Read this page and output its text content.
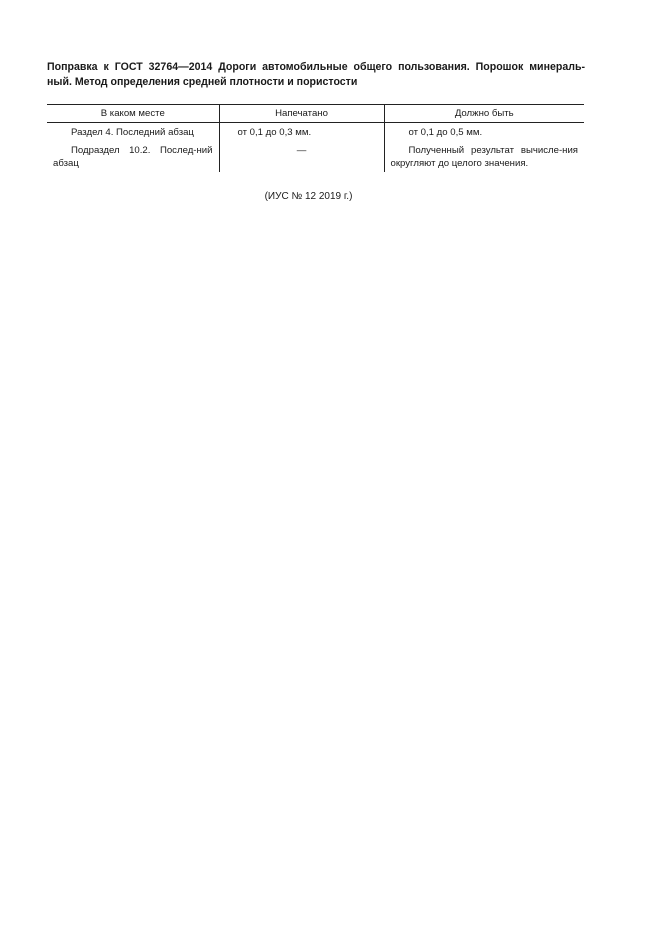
Поправка к ГОСТ 32764—2014 Дороги автомобильные общего пользования. Порошок минераль-
ный. Метод определения средней плотности и пористости

В каком месте	Напечатано	Должно быть
Раздел 4. Последний абзац	от 0,1 до 0,3 мм.	от 0,1 до 0,5 мм.
Подраздел 10.2. Послед-ний абзац	—	Полученный результат вычисле-ния округляют до целого значения.
(ИУС № 12 2019 г.)
